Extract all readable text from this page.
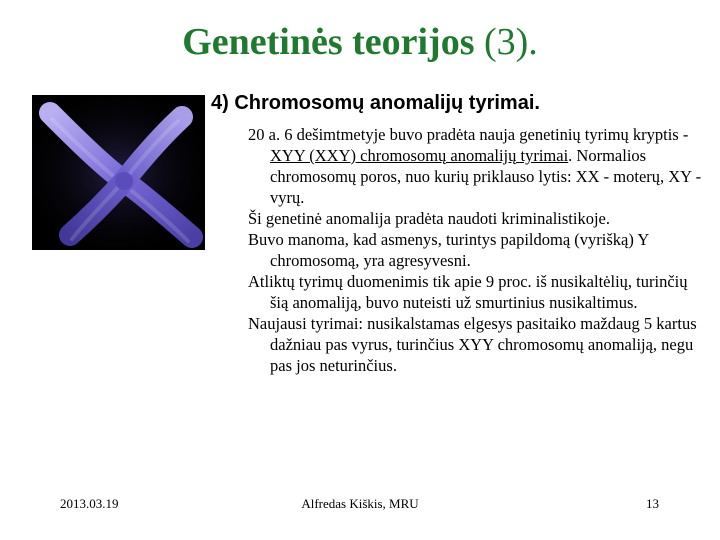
Genetinės teorijos (3).
4) Chromosomų anomalijų tyrimai.

20 a. 6 dešimtmetyje buvo pradėta nauja genetinių tyrimų kryptis - XYY (XXY) chromosomų anomalijų tyrimai. Normalios chromosomų poros, nuo kurių priklauso lytis: XX - moterų, XY - vyrų.

Ši genetinė anomalija pradėta naudoti kriminalistikoje.

Buvo manoma, kad asmenys, turintys papildomą (vyrišką) Y chromosomą, yra agresyvesni.

Atliktų tyrimų duomenimis tik apie 9 proc. iš nusikaltėlių, turinčių šią anomaliją, buvo nuteisti už smurtinius nusikaltimus.

Naujausi tyrimai: nusikalstamas elgesys pasitaiko maždaug 5 kartus dažniau pas vyrus, turinčius XYY chromosomų anomaliją, negu pas jos neturinčius.

2013.03.19	Alfredas Kiškis, MRU	13
